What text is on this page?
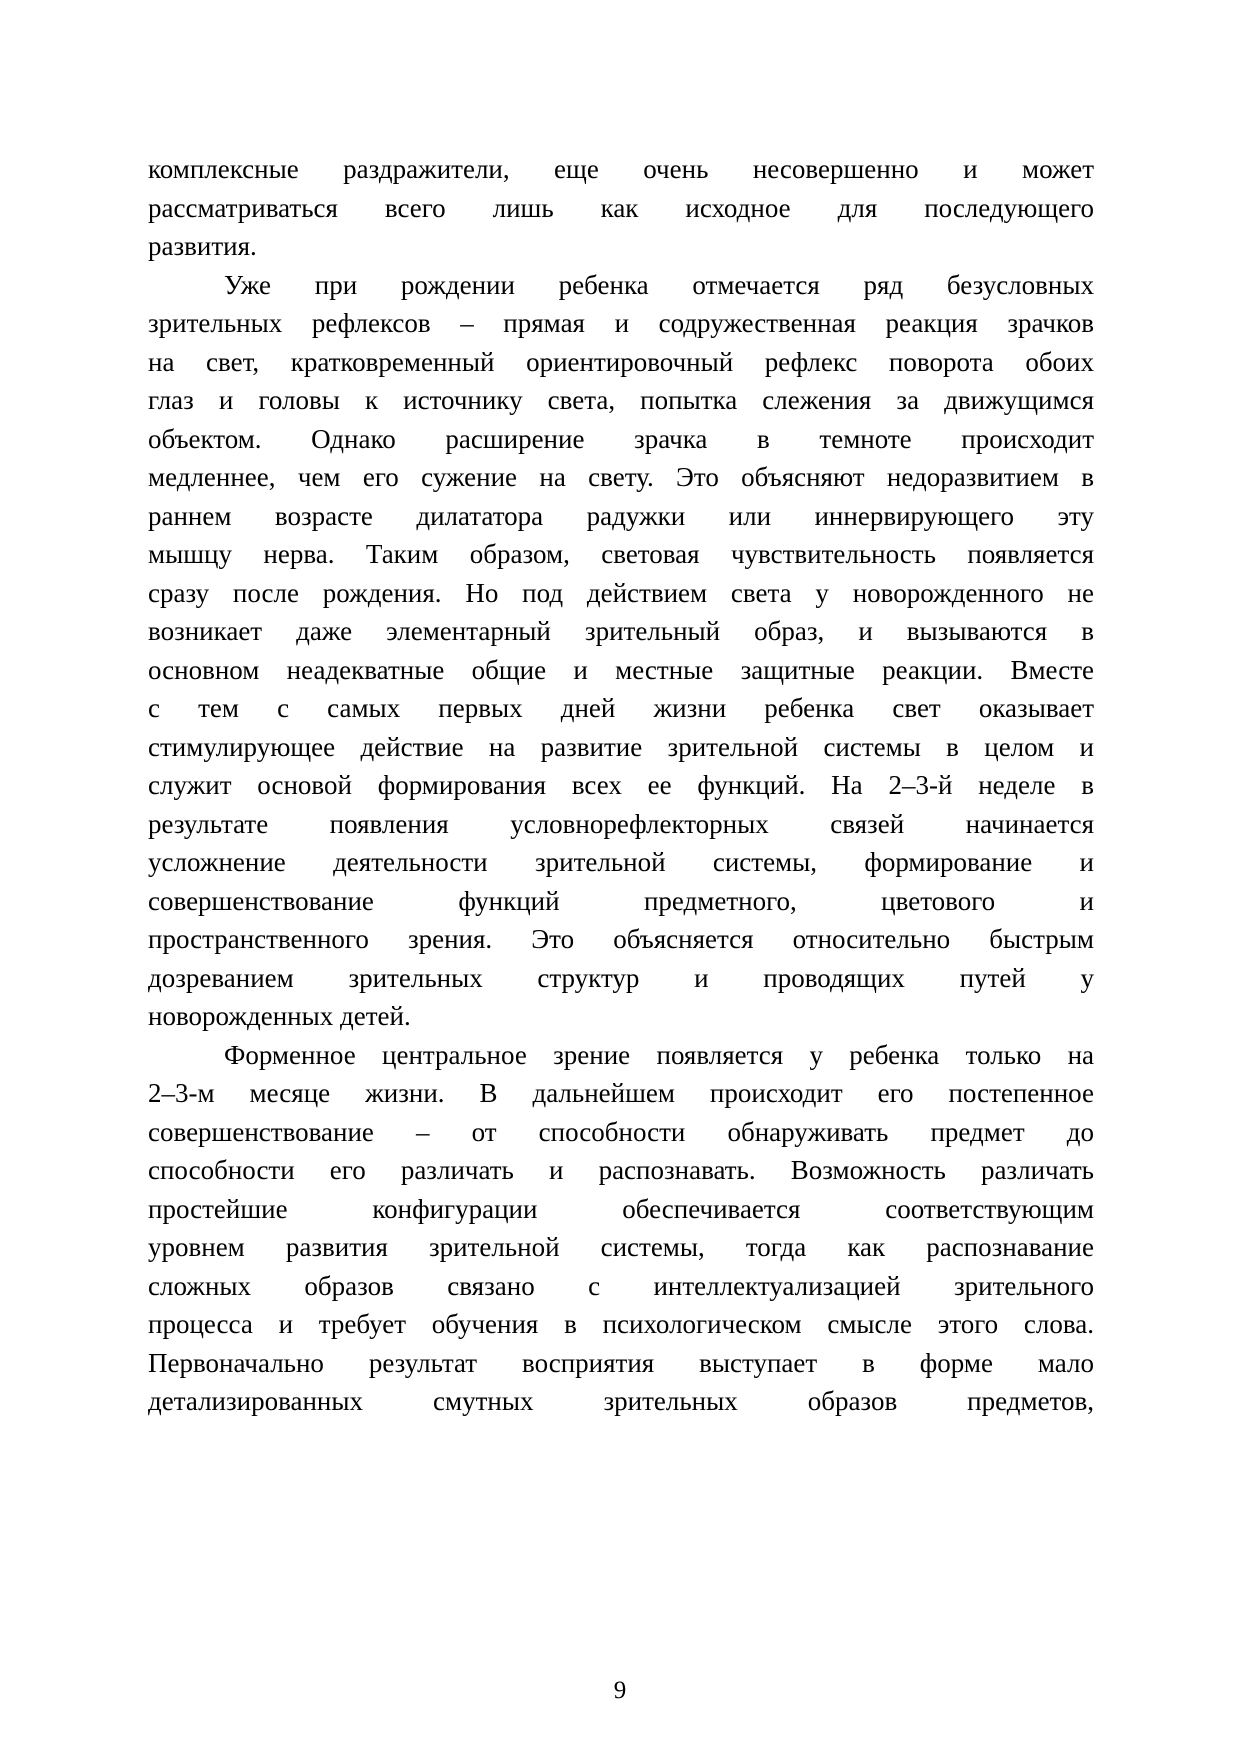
комплексные раздражители, еще очень несовершенно и может
рассматриваться всего лишь как исходное для последующего
развития.
Уже при рождении ребенка отмечается ряд безусловных
зрительных рефлексов – прямая и содружественная реакция зрачков
на свет, кратковременный ориентировочный рефлекс поворота обоих
глаз и головы к источнику света, попытка слежения за движущимся
объектом. Однако расширение зрачка в темноте происходит
медленнее, чем его сужение на свету. Это объясняют недоразвитием в
раннем возрасте дилататора радужки или иннервирующего эту
мышцу нерва. Таким образом, световая чувствительность появляется
сразу после рождения. Но под действием света у новорожденного не
возникает даже элементарный зрительный образ, и вызываются в
основном неадекватные общие и местные защитные реакции. Вместе
с тем с самых первых дней жизни ребенка свет оказывает
стимулирующее действие на развитие зрительной системы в целом и
служит основой формирования всех ее функций. На 2–3-й неделе в
результате появления условнорефлекторных связей начинается
усложнение деятельности зрительной системы, формирование и
совершенствование функций предметного, цветового и
пространственного зрения. Это объясняется относительно быстрым
дозреванием зрительных структур и проводящих путей у
новорожденных детей.
Форменное центральное зрение появляется у ребенка только на
2–3-м месяце жизни. В дальнейшем происходит его постепенное
совершенствование – от способности обнаруживать предмет до
способности его различать и распознавать. Возможность различать
простейшие конфигурации обеспечивается соответствующим
уровнем развития зрительной системы, тогда как распознавание
сложных образов связано с интеллектуализацией зрительного
процесса и требует обучения в психологическом смысле этого слова.
Первоначально результат восприятия выступает в форме мало
детализированных смутных зрительных образов предметов,
9
